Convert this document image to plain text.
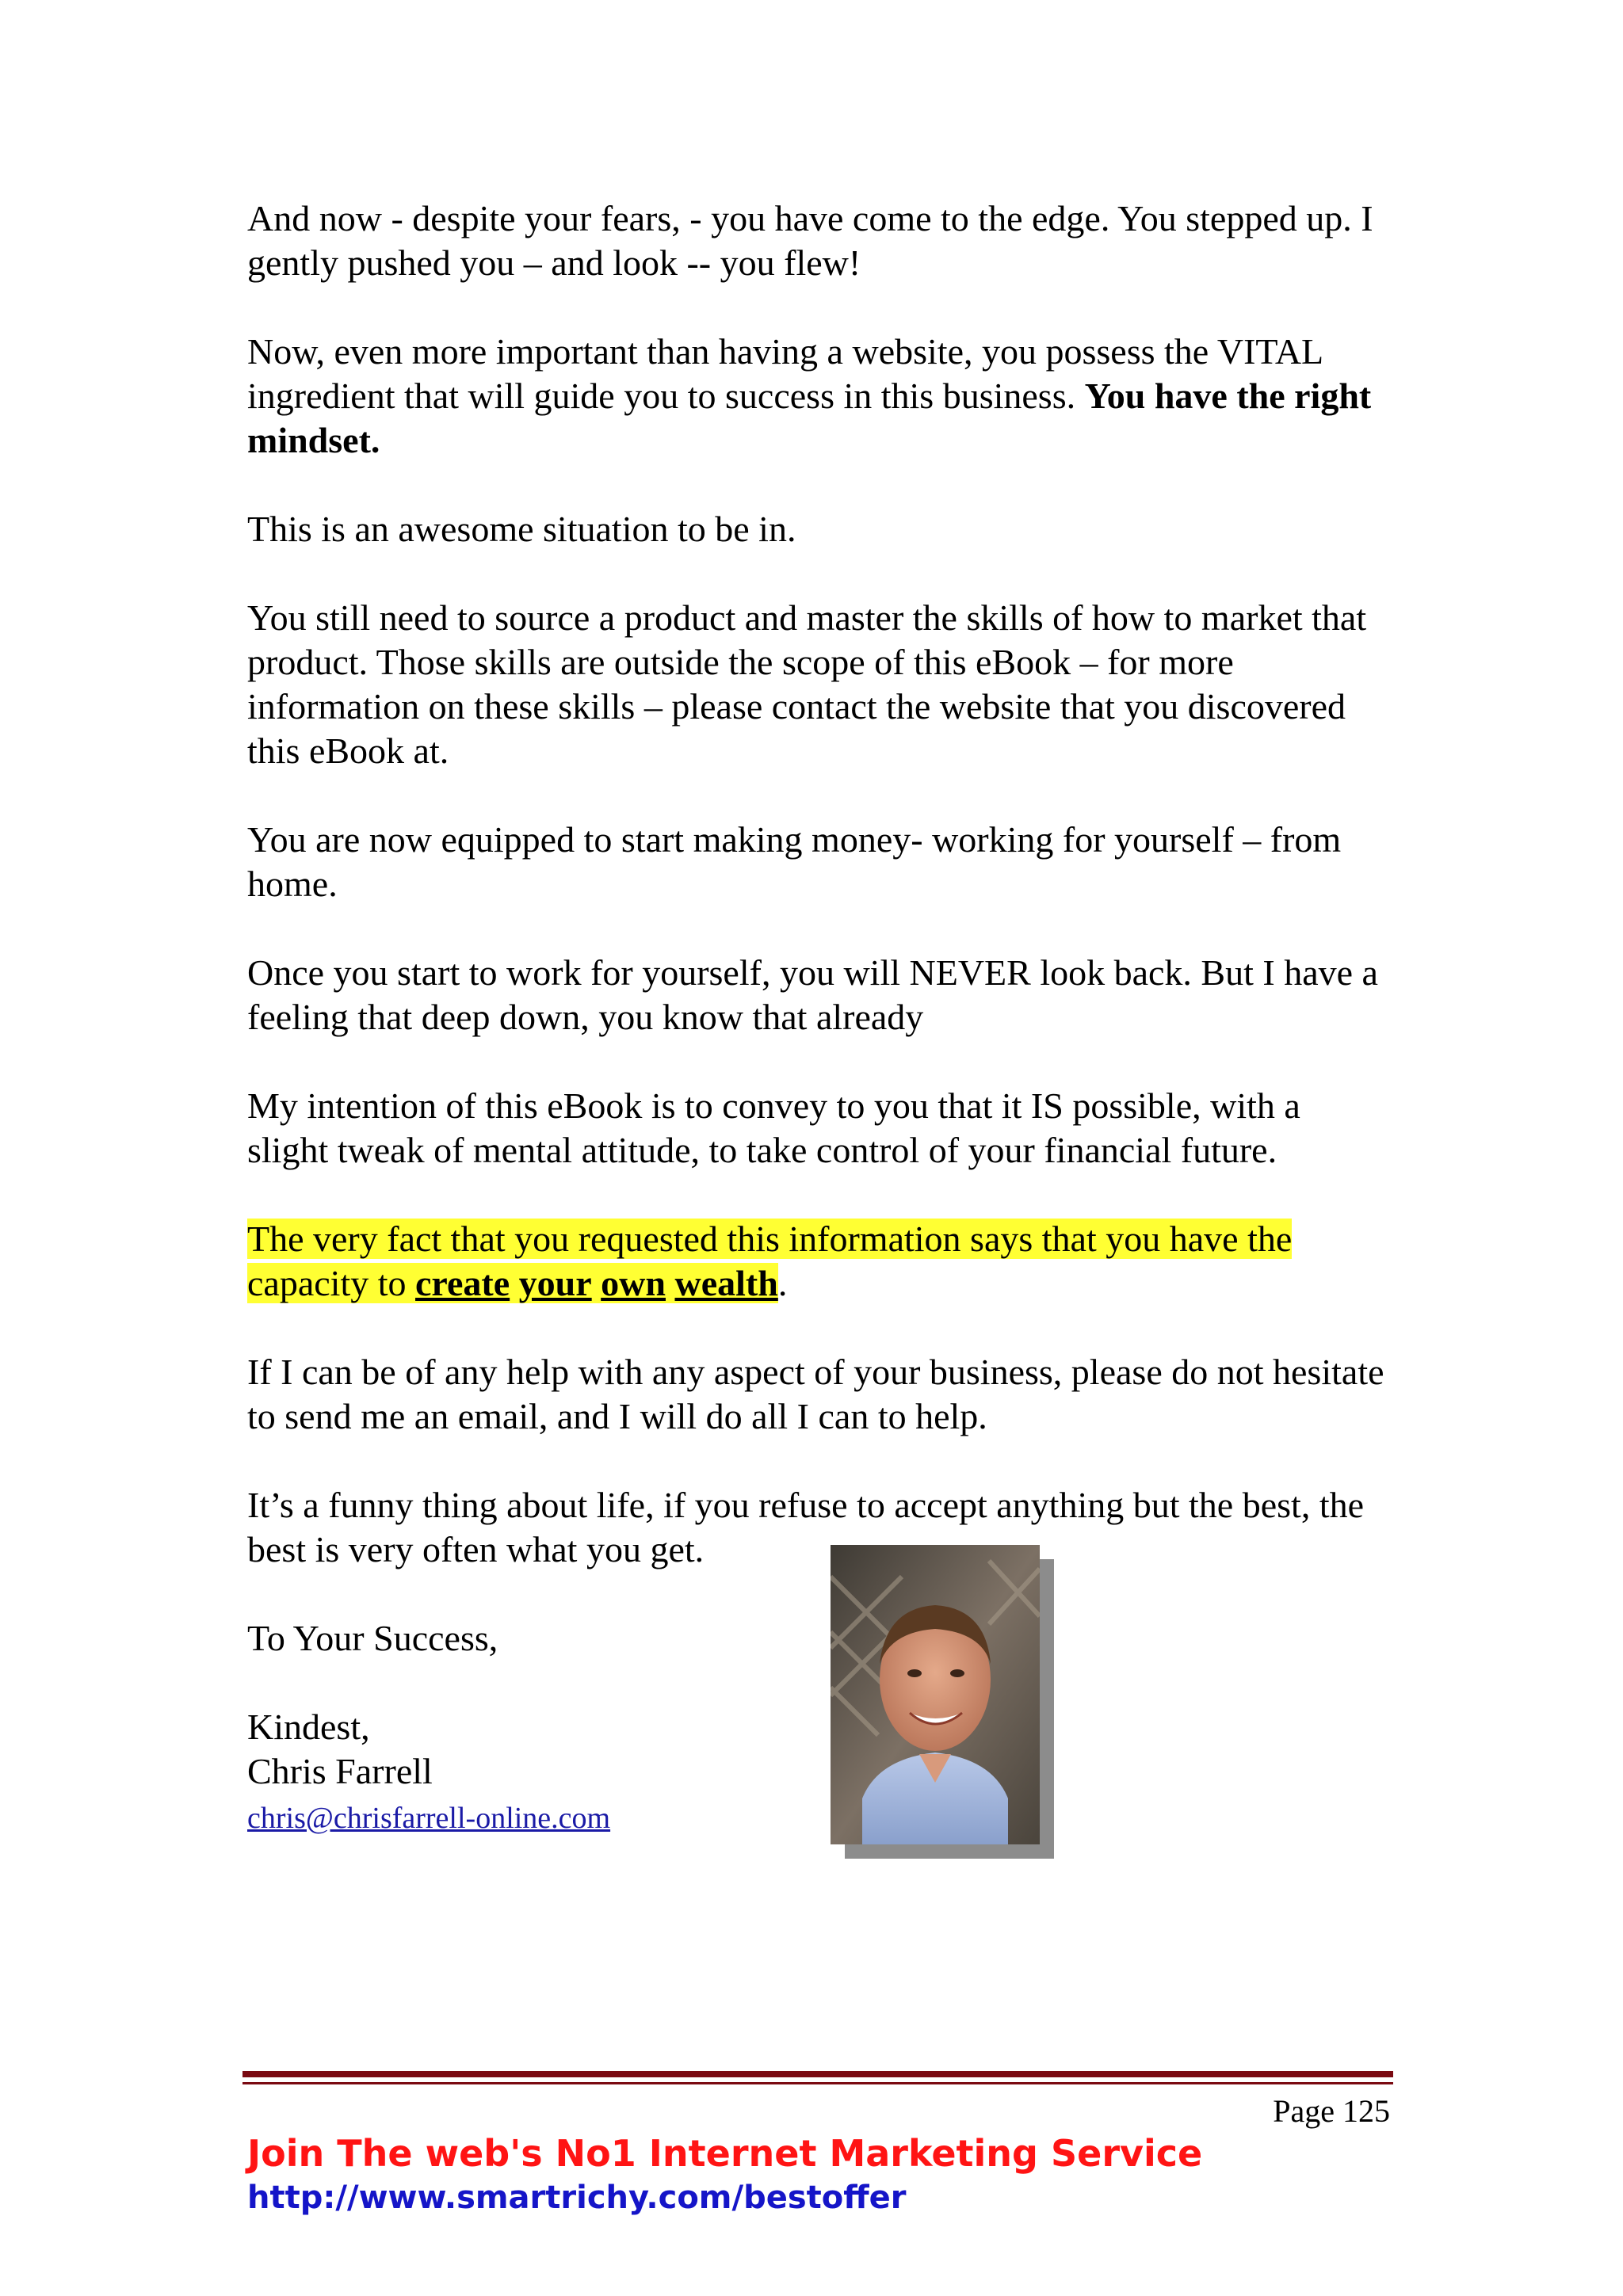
And now - despite your fears, - you have come to the edge. You stepped up. I gently pushed you – and look -- you flew!

Now, even more important than having a website, you possess the VITAL ingredient that will guide you to success in this business. You have the right mindset.

This is an awesome situation to be in.

You still need to source a product and master the skills of how to market that product. Those skills are outside the scope of this eBook – for more information on these skills – please contact the website that you discovered this eBook at.

You are now equipped to start making money- working for yourself – from home.

Once you start to work for yourself, you will NEVER look back. But I have a feeling that deep down, you know that already

My intention of this eBook is to convey to you that it IS possible, with a slight tweak of mental attitude, to take control of your financial future.

The very fact that you requested this information says that you have the capacity to create your own wealth.

If I can be of any help with any aspect of your business, please do not hesitate to send me an email, and I will do all I can to help.

It’s a funny thing about life, if you refuse to accept anything but the best, the best is very often what you get.

To Your Success,

Kindest,

Chris Farrell

chris@chrisfarrell-online.com
Page 125
Join The web's No1 Internet Marketing Service
http://www.smartrichy.com/bestoffer
